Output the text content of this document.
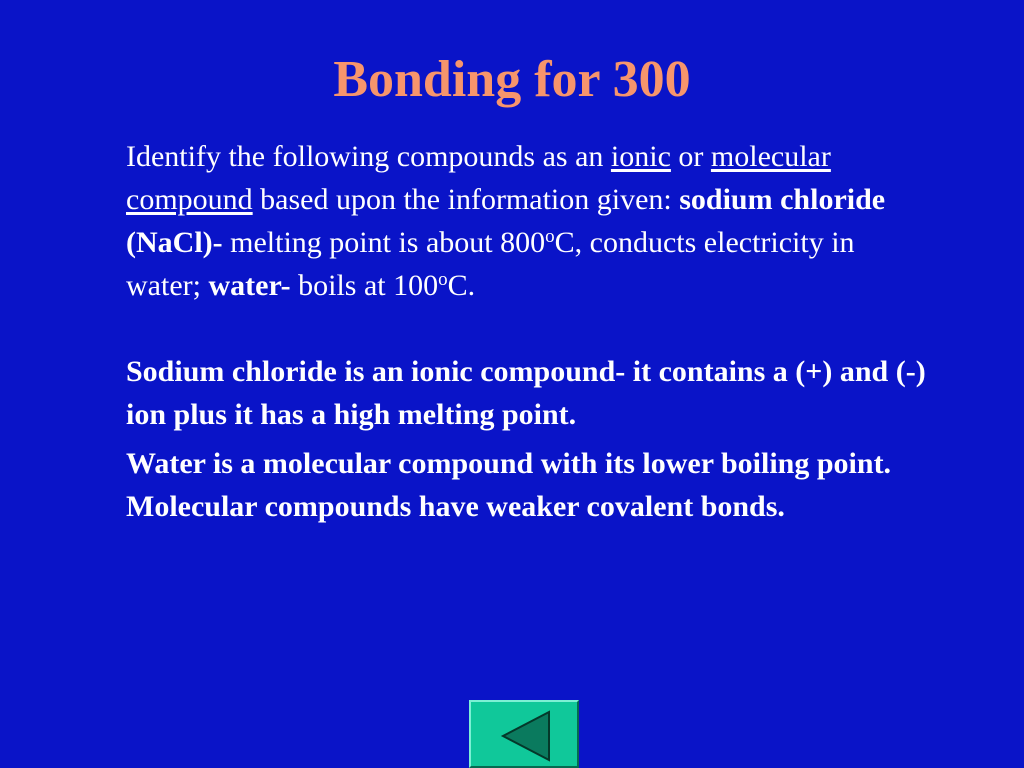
Bonding for 300

Identify the following compounds as an ionic or molecular compound based upon the information given: sodium chloride (NaCl)- melting point is about 800$^o$C, conducts electricity in water; water- boils at 100$^o$C.

Sodium chloride is an ionic compound- it contains a (+) and (-) ion plus it has a high melting point.

Water is a molecular compound with its lower boiling point. Molecular compounds have weaker covalent bonds.
